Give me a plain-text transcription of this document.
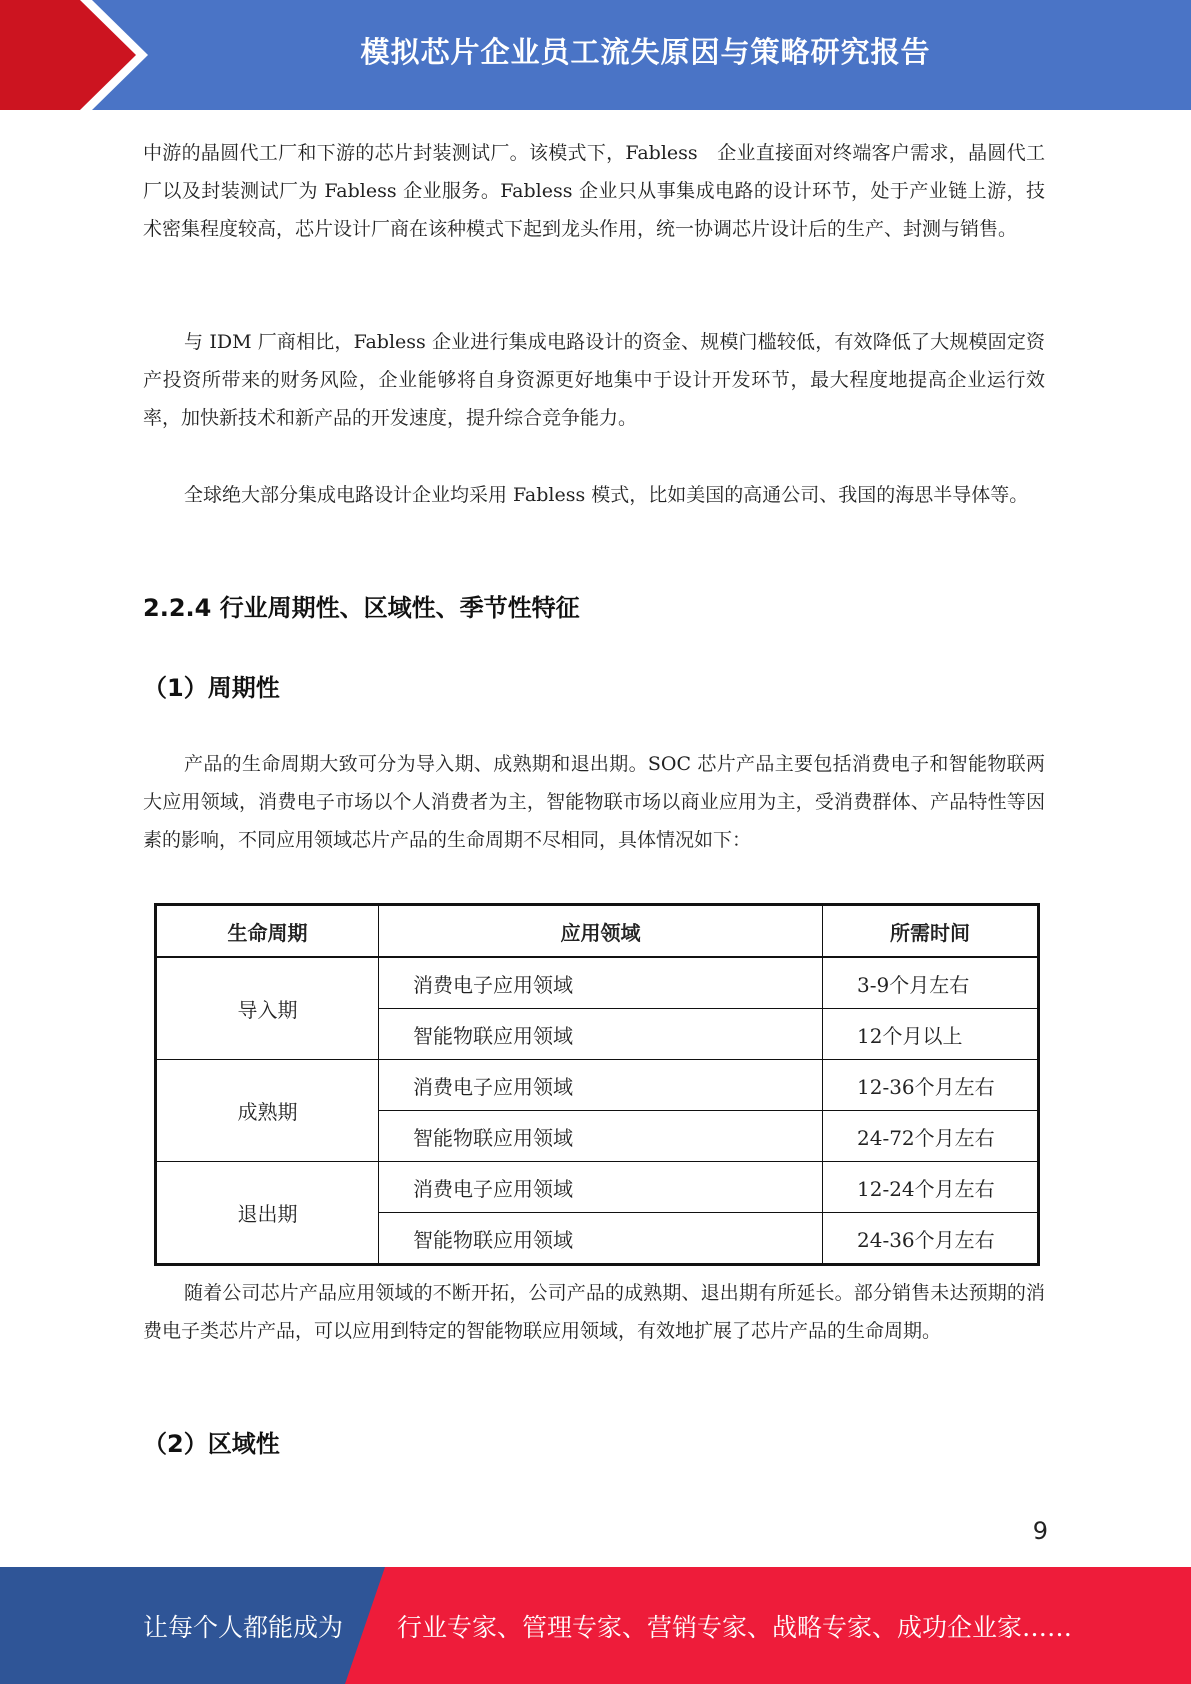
模拟芯片企业员工流失原因与策略研究报告

中游的晶圆代工厂和下游的芯片封装测试厂。该模式下，Fabless　企业直接面对终端客户需求，晶圆代工厂以及封装测试厂为 Fabless 企业服务。Fabless 企业只从事集成电路的设计环节，处于产业链上游，技术密集程度较高，芯片设计厂商在该种模式下起到龙头作用，统一协调芯片设计后的生产、封测与销售。

与 IDM 厂商相比，Fabless 企业进行集成电路设计的资金、规模门槛较低，有效降低了大规模固定资产投资所带来的财务风险，企业能够将自身资源更好地集中于设计开发环节，最大程度地提高企业运行效率，加快新技术和新产品的开发速度，提升综合竞争能力。

全球绝大部分集成电路设计企业均采用 Fabless 模式，比如美国的高通公司、我国的海思半导体等。

2.2.4 行业周期性、区域性、季节性特征
（1）周期性

产品的生命周期大致可分为导入期、成熟期和退出期。SOC 芯片产品主要包括消费电子和智能物联两大应用领域，消费电子市场以个人消费者为主，智能物联市场以商业应用为主，受消费群体、产品特性等因素的影响，不同应用领域芯片产品的生命周期不尽相同，具体情况如下：

生命周期	应用领域	所需时间
导入期	消费电子应用领域	3-9个月左右
	智能物联应用领域	12个月以上
成熟期	消费电子应用领域	12-36个月左右
	智能物联应用领域	24-72个月左右
退出期	消费电子应用领域	12-24个月左右
	智能物联应用领域	24-36个月左右

随着公司芯片产品应用领域的不断开拓，公司产品的成熟期、退出期有所延长。部分销售未达预期的消费电子类芯片产品，可以应用到特定的智能物联应用领域，有效地扩展了芯片产品的生命周期。

（2）区域性
9
让每个人都能成为 行业专家、管理专家、营销专家、战略专家、成功企业家……
